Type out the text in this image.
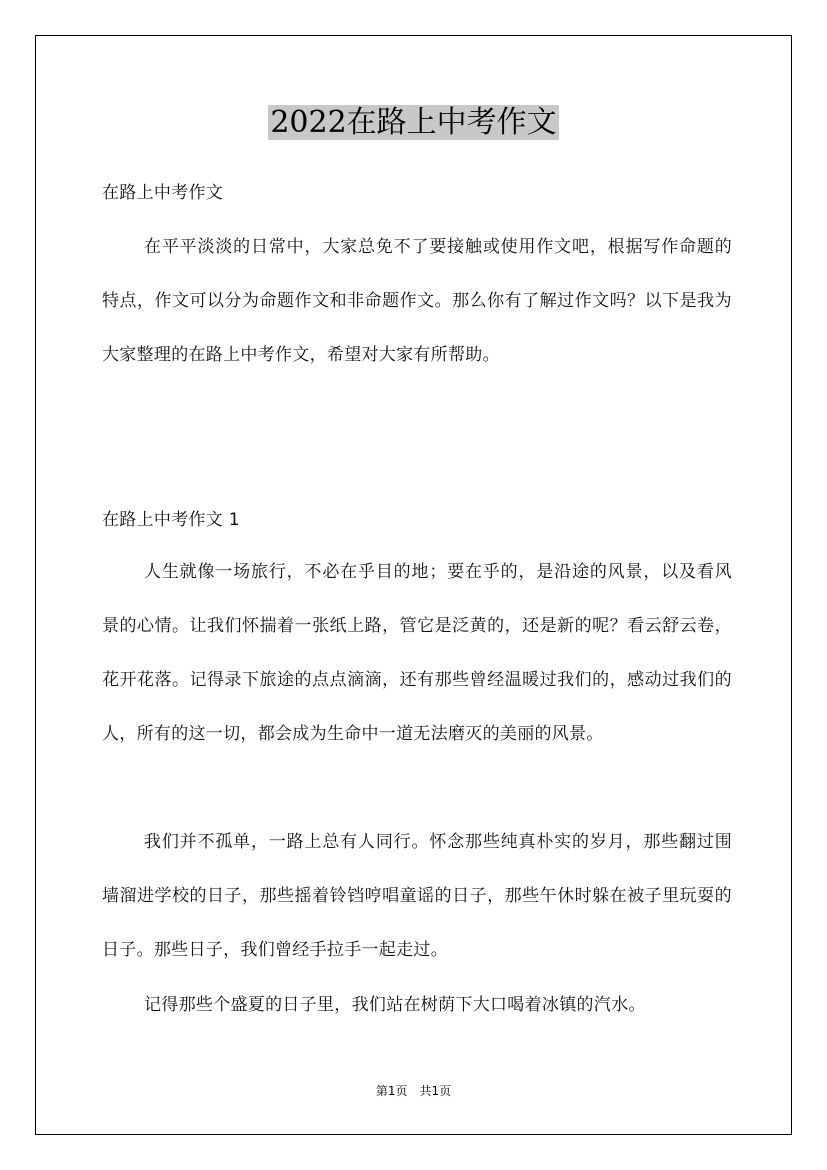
2022在路上中考作文
在路上中考作文
在平平淡淡的日常中，大家总免不了要接触或使用作文吧，根据写作命题的特点，作文可以分为命题作文和非命题作文。那么你有了解过作文吗？以下是我为大家整理的在路上中考作文，希望对大家有所帮助。
在路上中考作文 1
人生就像一场旅行，不必在乎目的地；要在乎的，是沿途的风景，以及看风景的心情。让我们怀揣着一张纸上路，管它是泛黄的，还是新的呢？看云舒云卷，花开花落。记得录下旅途的点点滴滴，还有那些曾经温暖过我们的，感动过我们的人，所有的这一切，都会成为生命中一道无法磨灭的美丽的风景。
我们并不孤单，一路上总有人同行。怀念那些纯真朴实的岁月，那些翻过围墙溜进学校的日子，那些摇着铃铛哼唱童谣的日子，那些午休时躲在被子里玩耍的日子。那些日子，我们曾经手拉手一起走过。
记得那些个盛夏的日子里，我们站在树荫下大口喝着冰镇的汽水。
第1页 共1页
